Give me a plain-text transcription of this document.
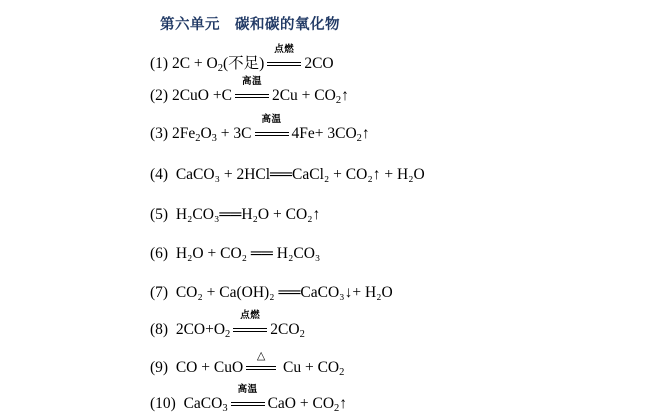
第六单元　碳和碳的氧化物
(1) $2C + O_2$(不足)
点燃
2CO
(2) 2CuO +C
高温
$2Cu + CO_2↑$
(3) $2Fe_2O_3 + 3C$
高温
$4Fe+ 3CO_2↑$
(4) CaCO₃ + 2HCl══CaCl₂ + CO₂↑ + H₂O
(5) H₂CO₃══H₂O + CO₂↑
(6) H₂O + CO₂ ══ H₂CO₃
(7) CO₂ + Ca(OH)₂ ══CaCO₃↓+ H₂O
(8) $2CO+O_2$
点燃
$2CO_2$
(9) CO + CuO
△
$Cu + CO_2$
(10) CaCO$_3$
高温
CaO + $CO_2↑$
